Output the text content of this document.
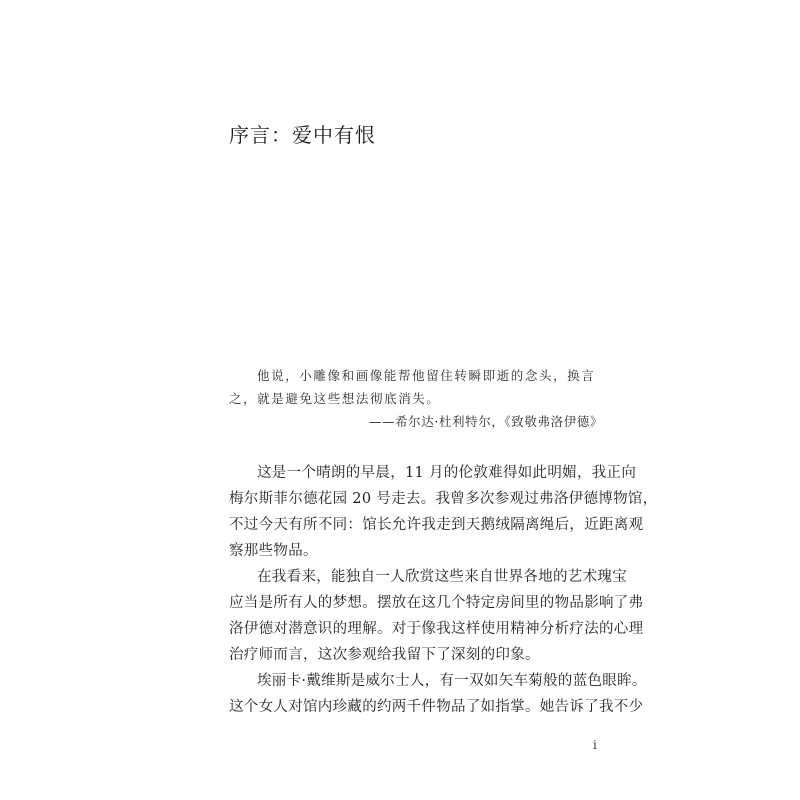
序言：爱中有恨
他说，小雕像和画像能帮他留住转瞬即逝的念头，换言
之，就是避免这些想法彻底消失。
——希尔达·杜利特尔，《致敬弗洛伊德》
这是一个晴朗的早晨，11 月的伦敦难得如此明媚，我正向
梅尔斯菲尔德花园 20 号走去。我曾多次参观过弗洛伊德博物馆，
不过今天有所不同：馆长允许我走到天鹅绒隔离绳后，近距离观
察那些物品。
在我看来，能独自一人欣赏这些来自世界各地的艺术瑰宝
应当是所有人的梦想。摆放在这几个特定房间里的物品影响了弗
洛伊德对潜意识的理解。对于像我这样使用精神分析疗法的心理
治疗师而言，这次参观给我留下了深刻的印象。
埃丽卡·戴维斯是威尔士人，有一双如矢车菊般的蓝色眼眸。
这个女人对馆内珍藏的约两千件物品了如指掌。她告诉了我不少
i
